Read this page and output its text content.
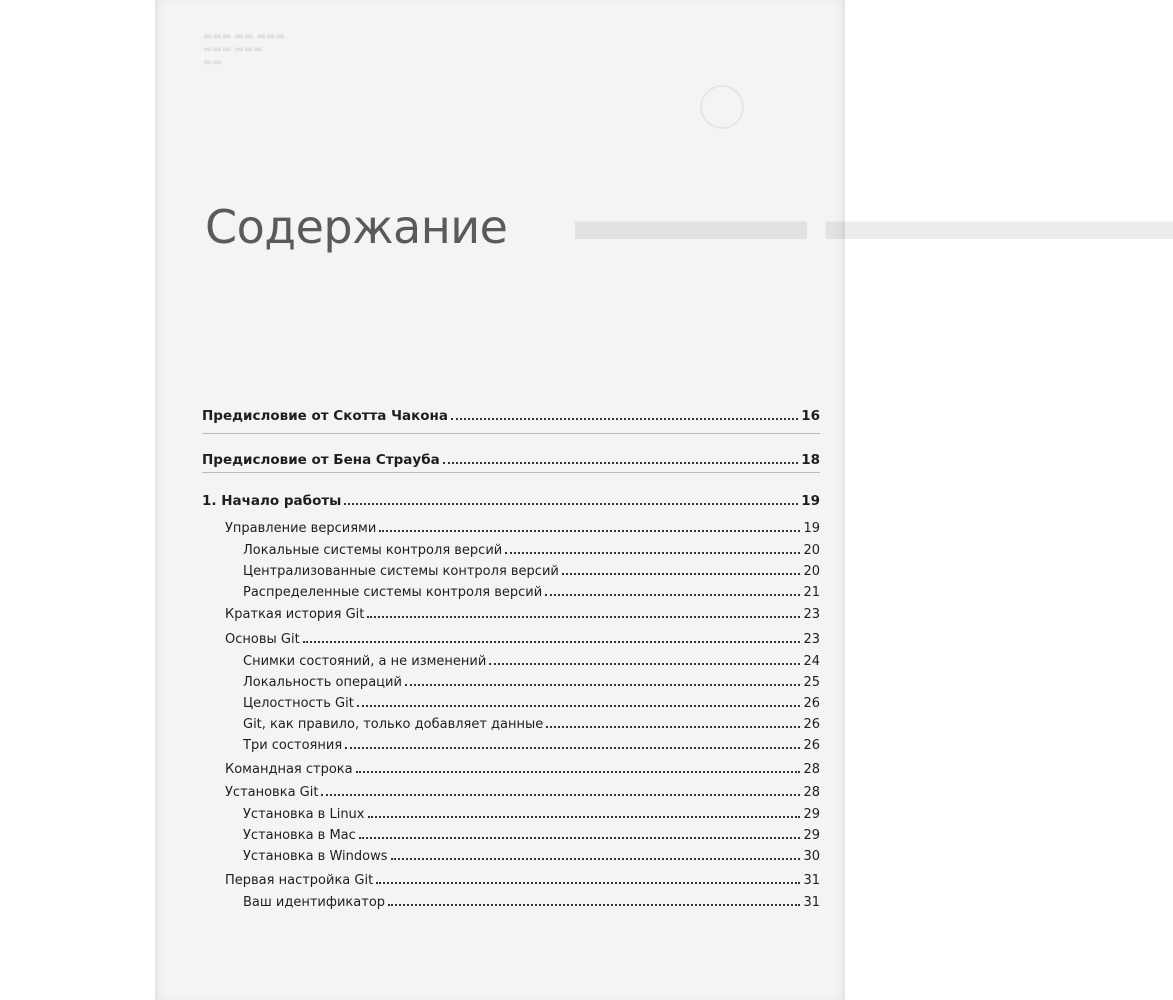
▬▬▬ ▬▬ ▬▬▬
▬▬▬ ▬▬▬
▬▬
▬▬▬▬▬▬ ▬▬▬▬
Содержание
Предисловие от Скотта Чакона	16
Предисловие от Бена Страуба	18
1. Начало работы	19
Управление версиями	19
Локальные системы контроля версий	20
Централизованные системы контроля версий	20
Распределенные системы контроля версий	21
Краткая история Git	23
Основы Git	23
Снимки состояний, а не изменений	24
Локальность операций	25
Целостность Git	26
Git, как правило, только добавляет данные	26
Три состояния	26
Командная строка	28
Установка Git	28
Установка в Linux	29
Установка в Mac	29
Установка в Windows	30
Первая настройка Git	31
Ваш идентификатор	31
